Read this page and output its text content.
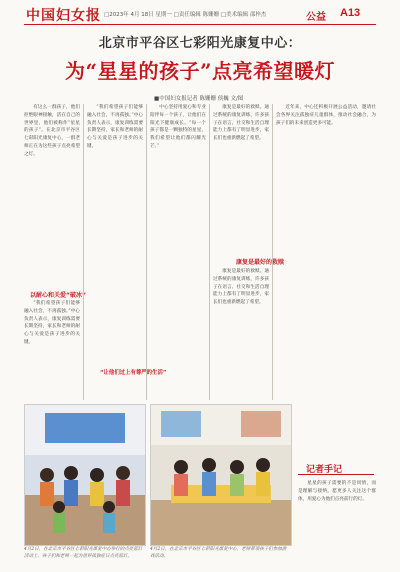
中国妇女报 □2023年 4月 18日 星期一 □责任编辑 陈姗姗 □美术编辑 邵梓杰	公益 A13
北京市平谷区七彩阳光康复中心：
为“星星的孩子”点亮希望暖灯
■中国妇女报记者 陈姗姗 侯巍 文/图

有这么一群孩子，他们拒绝眼神接触，活在自己的世界里，他们被称作“星星的孩子”。在北京市平谷区七彩阳光康复中心，一群老师正在为这些孩子点亮希望之灯。

以耐心和关爱“破冰”

“我们希望孩子们能够融入社会，不再孤独。”中心负责人表示，康复训练需要长期坚持，家长和老师的耐心与关爱是孩子进步的关键。

“我们希望孩子们能够融入社会，不再孤独。”中心负责人表示，康复训练需要长期坚持，家长和老师的耐心与关爱是孩子进步的关键。

“让他们过上有尊严的生活”

中心坚持用爱心和专业陪伴每一个孩子，让他们在阳光下健康成长。“每一个孩子都是一颗独特的星星，我们希望让他们都闪耀光芒。”

康复是最好的救赎。通过系统的康复训练，许多孩子在语言、社交和生活自理能力上都有了明显进步，家长们也重新燃起了希望。

康复是最好的救赎

康复是最好的救赎。通过系统的康复训练，许多孩子在语言、社交和生活自理能力上都有了明显进步，家长们也重新燃起了希望。

近年来，中心还积极开展公益活动，邀请社会各界关注孤独症儿童群体，推动社会融合，为孩子们的未来创造更多可能。

4月2日，在北京市平谷区七彩阳光康复中心举行的点亮蓝灯活动上，孩子们和老师一起为世界孤独症日点亮蓝灯。
4月2日，在北京市平谷区七彩阳光康复中心，老师带领孩子们参加游戏活动。
记者手记

星星的孩子需要的不是同情，而是理解与接纳。愿更多人关注这个群体，用爱心为他们点亮前行的灯。
